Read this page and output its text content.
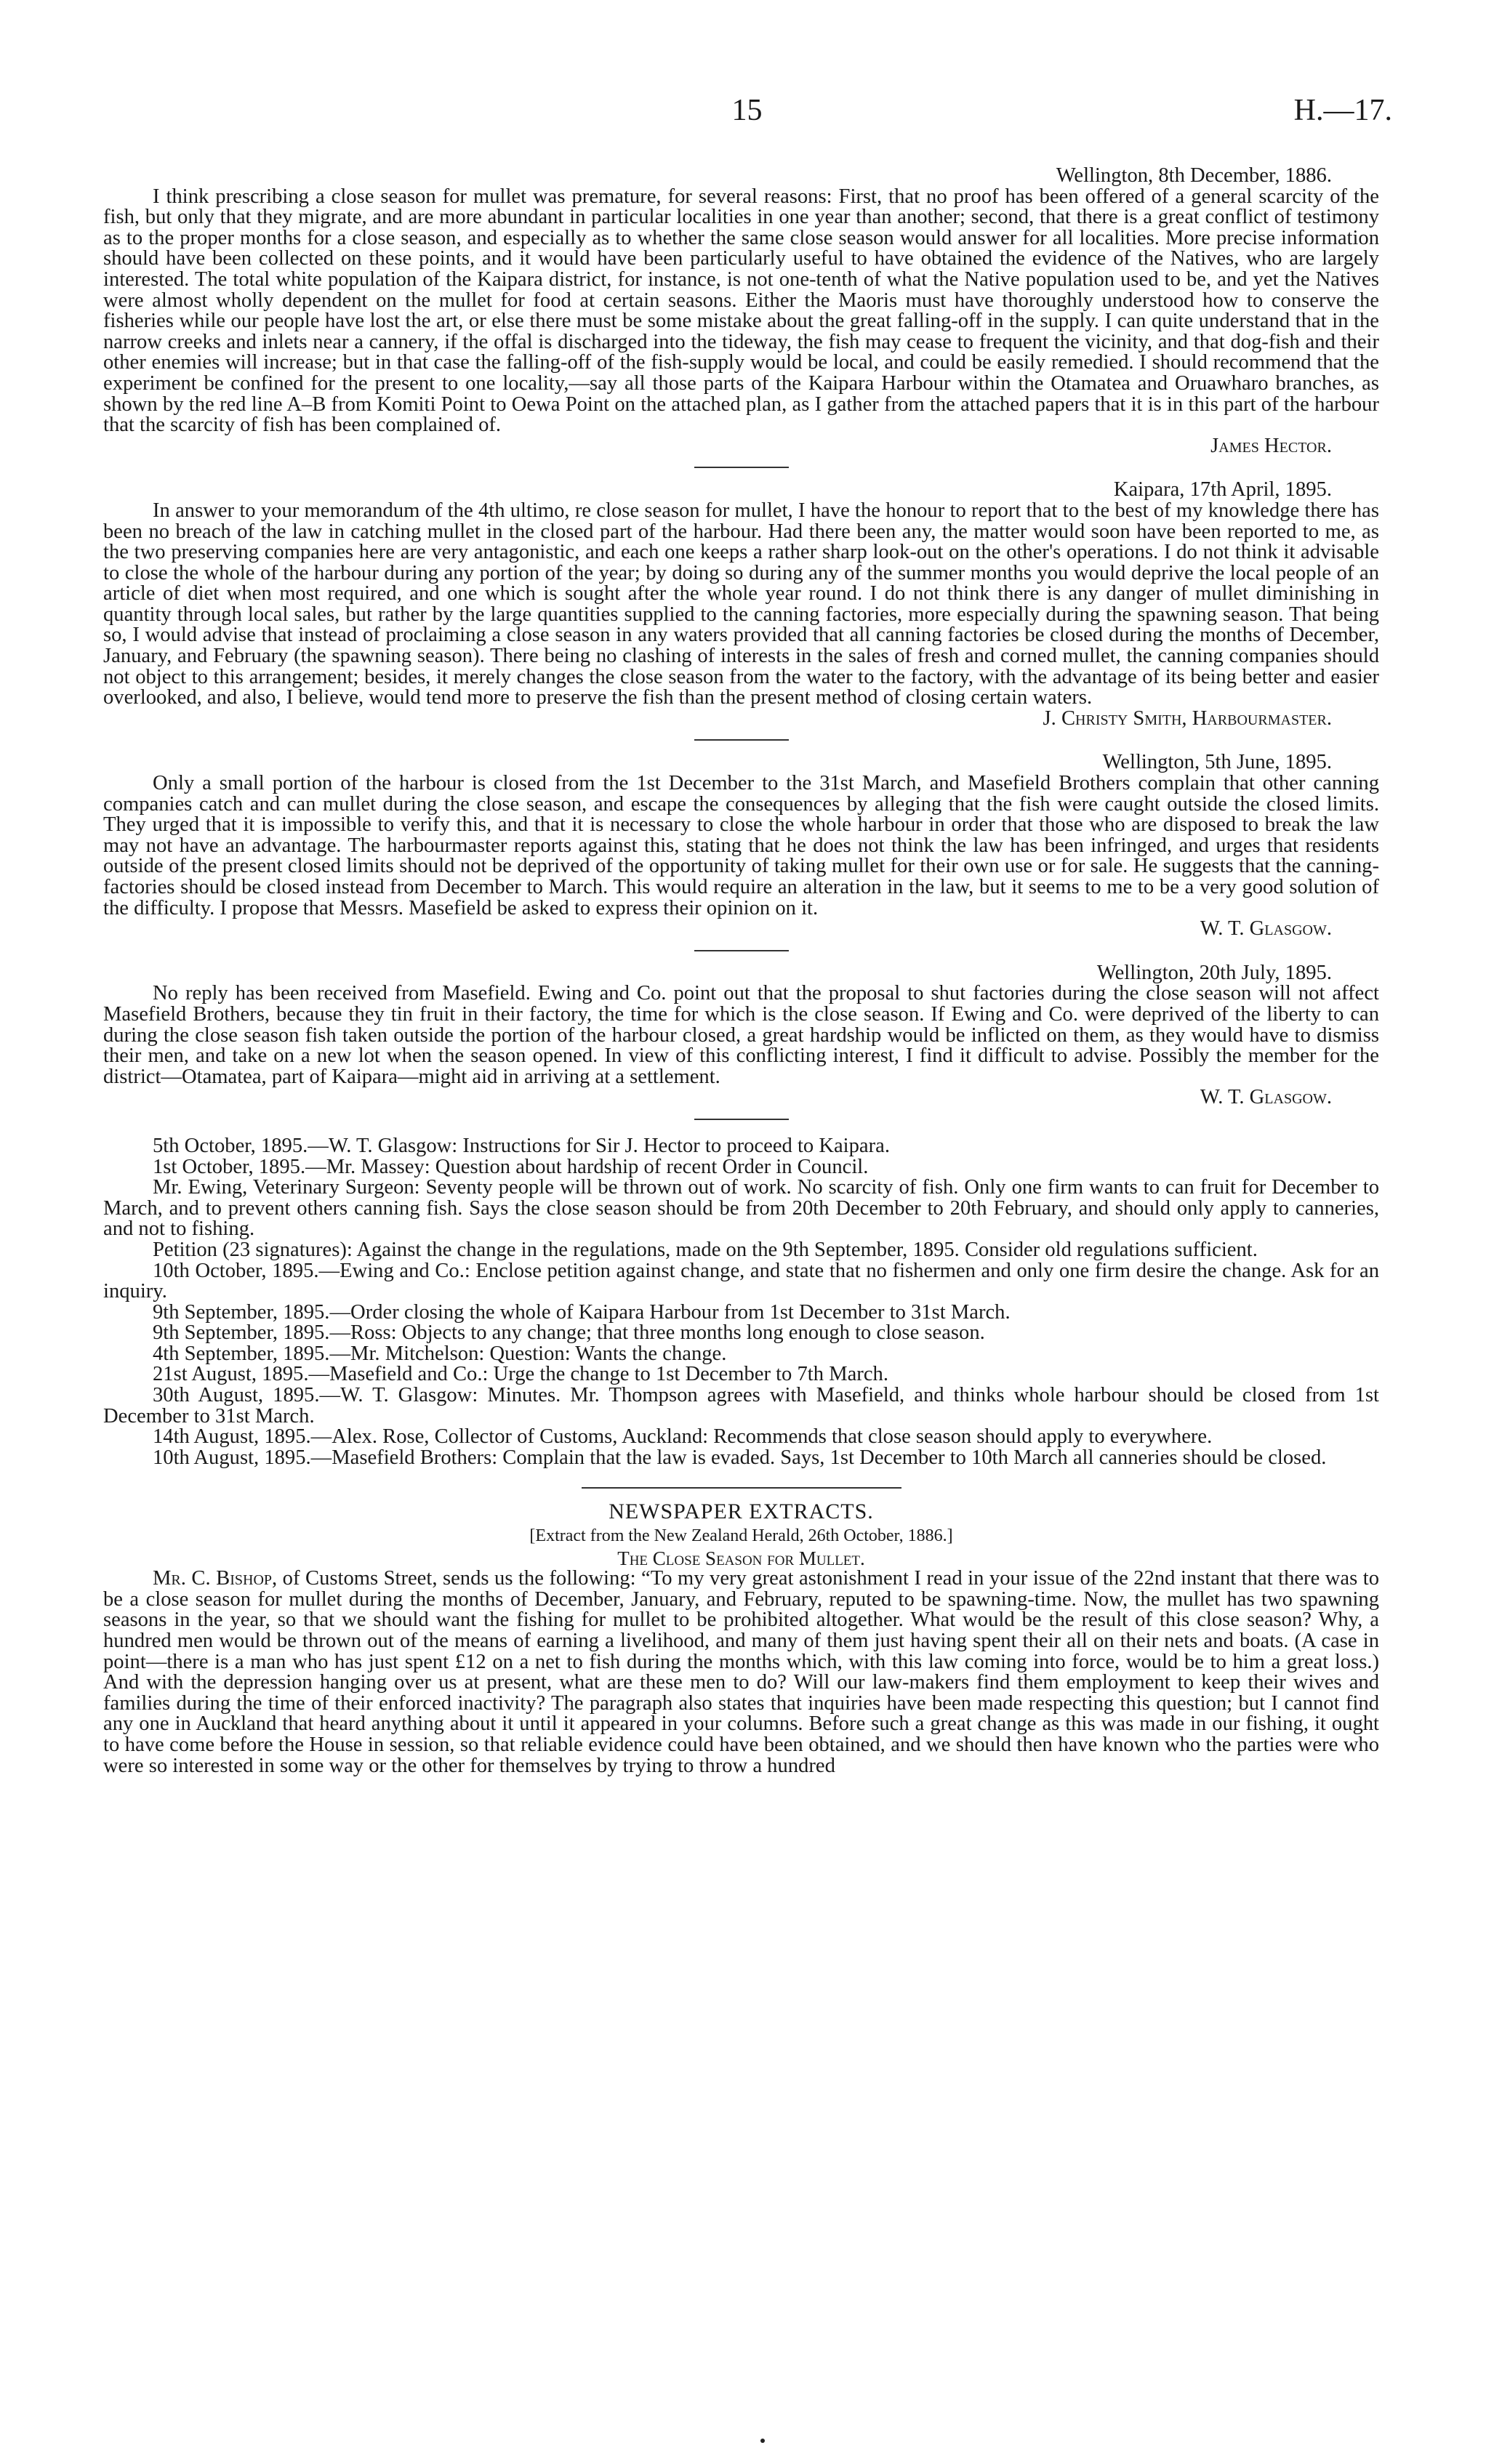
15	H.—17.
Wellington, 8th December, 1886.

I think prescribing a close season for mullet was premature, for several reasons: First, that no proof has been offered of a general scarcity of the fish, but only that they migrate, and are more abundant in particular localities in one year than another; second, that there is a great conflict of testimony as to the proper months for a close season, and especially as to whether the same close season would answer for all localities. More precise information should have been collected on these points, and it would have been particularly useful to have obtained the evidence of the Natives, who are largely interested. The total white population of the Kaipara district, for instance, is not one-tenth of what the Native population used to be, and yet the Natives were almost wholly dependent on the mullet for food at certain seasons. Either the Maoris must have thoroughly understood how to conserve the fisheries while our people have lost the art, or else there must be some mistake about the great falling-off in the supply. I can quite understand that in the narrow creeks and inlets near a cannery, if the offal is discharged into the tideway, the fish may cease to frequent the vicinity, and that dog-fish and their other enemies will increase; but in that case the falling-off of the fish-supply would be local, and could be easily remedied. I should recommend that the experiment be confined for the present to one locality,—say all those parts of the Kaipara Harbour within the Otamatea and Oruawharo branches, as shown by the red line A–B from Komiti Point to Oewa Point on the attached plan, as I gather from the attached papers that it is in this part of the harbour that the scarcity of fish has been complained of.

James Hector.
Kaipara, 17th April, 1895.

In answer to your memorandum of the 4th ultimo, re close season for mullet, I have the honour to report that to the best of my knowledge there has been no breach of the law in catching mullet in the closed part of the harbour. Had there been any, the matter would soon have been reported to me, as the two preserving companies here are very antagonistic, and each one keeps a rather sharp look-out on the other's operations. I do not think it advisable to close the whole of the harbour during any portion of the year; by doing so during any of the summer months you would deprive the local people of an article of diet when most required, and one which is sought after the whole year round. I do not think there is any danger of mullet diminishing in quantity through local sales, but rather by the large quantities supplied to the canning factories, more especially during the spawning season. That being so, I would advise that instead of proclaiming a close season in any waters provided that all canning factories be closed during the months of December, January, and February (the spawning season). There being no clashing of interests in the sales of fresh and corned mullet, the canning companies should not object to this arrangement; besides, it merely changes the close season from the water to the factory, with the advantage of its being better and easier overlooked, and also, I believe, would tend more to preserve the fish than the present method of closing certain waters.

J. Christy Smith, Harbourmaster.
Wellington, 5th June, 1895.

Only a small portion of the harbour is closed from the 1st December to the 31st March, and Masefield Brothers complain that other canning companies catch and can mullet during the close season, and escape the consequences by alleging that the fish were caught outside the closed limits. They urged that it is impossible to verify this, and that it is necessary to close the whole harbour in order that those who are disposed to break the law may not have an advantage. The harbourmaster reports against this, stating that he does not think the law has been infringed, and urges that residents outside of the present closed limits should not be deprived of the opportunity of taking mullet for their own use or for sale. He suggests that the canning-factories should be closed instead from December to March. This would require an alteration in the law, but it seems to me to be a very good solution of the difficulty. I propose that Messrs. Masefield be asked to express their opinion on it.

W. T. Glasgow.
Wellington, 20th July, 1895.

No reply has been received from Masefield. Ewing and Co. point out that the proposal to shut factories during the close season will not affect Masefield Brothers, because they tin fruit in their factory, the time for which is the close season. If Ewing and Co. were deprived of the liberty to can during the close season fish taken outside the portion of the harbour closed, a great hardship would be inflicted on them, as they would have to dismiss their men, and take on a new lot when the season opened. In view of this conflicting interest, I find it difficult to advise. Possibly the member for the district—Otamatea, part of Kaipara—might aid in arriving at a settlement.

W. T. Glasgow.

5th October, 1895.—W. T. Glasgow: Instructions for Sir J. Hector to proceed to Kaipara.

1st October, 1895.—Mr. Massey: Question about hardship of recent Order in Council.

Mr. Ewing, Veterinary Surgeon: Seventy people will be thrown out of work. No scarcity of fish. Only one firm wants to can fruit for December to March, and to prevent others canning fish. Says the close season should be from 20th December to 20th February, and should only apply to canneries, and not to fishing.

Petition (23 signatures): Against the change in the regulations, made on the 9th September, 1895. Consider old regulations sufficient.

10th October, 1895.—Ewing and Co.: Enclose petition against change, and state that no fishermen and only one firm desire the change. Ask for an inquiry.

9th September, 1895.—Order closing the whole of Kaipara Harbour from 1st December to 31st March.

9th September, 1895.—Ross: Objects to any change; that three months long enough to close season.

4th September, 1895.—Mr. Mitchelson: Question: Wants the change.

21st August, 1895.—Masefield and Co.: Urge the change to 1st December to 7th March.

30th August, 1895.—W. T. Glasgow: Minutes. Mr. Thompson agrees with Masefield, and thinks whole harbour should be closed from 1st December to 31st March.

14th August, 1895.—Alex. Rose, Collector of Customs, Auckland: Recommends that close season should apply to everywhere.

10th August, 1895.—Masefield Brothers: Complain that the law is evaded. Says, 1st December to 10th March all canneries should be closed.

NEWSPAPER EXTRACTS.
[Extract from the New Zealand Herald, 26th October, 1886.]
The Close Season for Mullet.

Mr. C. Bishop, of Customs Street, sends us the following: “To my very great astonishment I read in your issue of the 22nd instant that there was to be a close season for mullet during the months of December, January, and February, reputed to be spawning-time. Now, the mullet has two spawning seasons in the year, so that we should want the fishing for mullet to be prohibited altogether. What would be the result of this close season? Why, a hundred men would be thrown out of the means of earning a livelihood, and many of them just having spent their all on their nets and boats. (A case in point—there is a man who has just spent £12 on a net to fish during the months which, with this law coming into force, would be to him a great loss.) And with the depression hanging over us at present, what are these men to do? Will our law-makers find them employment to keep their wives and families during the time of their enforced inactivity? The paragraph also states that inquiries have been made respecting this question; but I cannot find any one in Auckland that heard anything about it until it appeared in your columns. Before such a great change as this was made in our fishing, it ought to have come before the House in session, so that reliable evidence could have been obtained, and we should then have known who the parties were who were so interested in some way or the other for themselves by trying to throw a hundred
